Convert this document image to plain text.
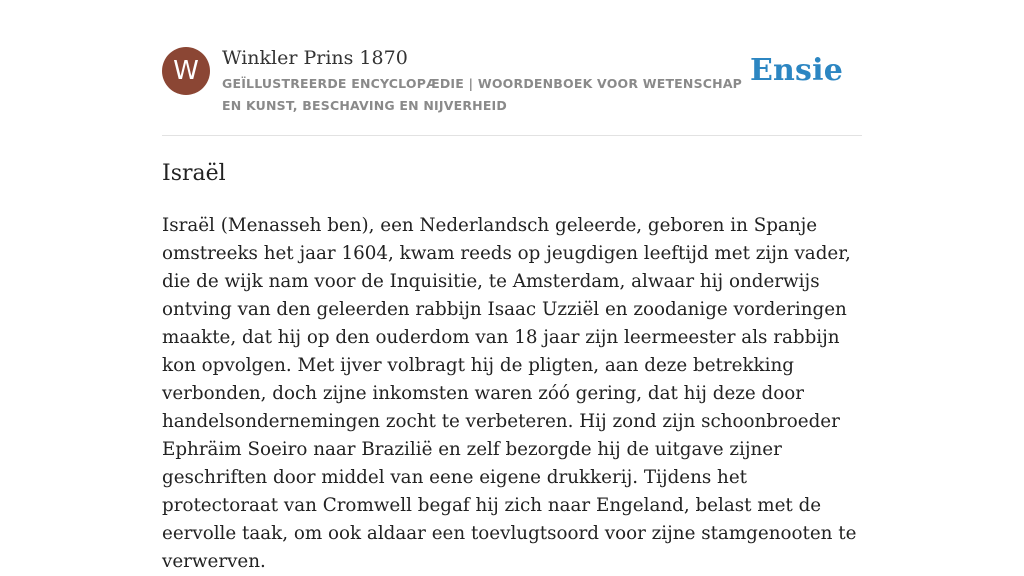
W	Winkler Prins 1870
GEÏLLUSTREERDE ENCYCLOPÆDIE | WOORDENBOEK VOOR WETENSCHAP EN KUNST, BESCHAVING EN NIJVERHEID
Ensie
Israël

Israël (Menasseh ben), een Nederlandsch geleerde, geboren in Spanje omstreeks het jaar 1604, kwam reeds op jeugdigen leeftijd met zijn vader, die de wijk nam voor de Inquisitie, te Amsterdam, alwaar hij onderwijs ontving van den geleerden rabbijn Isaac Uzziël en zoodanige vorderingen maakte, dat hij op den ouderdom van 18 jaar zijn leermeester als rabbijn kon opvolgen. Met ijver volbragt hij de pligten, aan deze betrekking verbonden, doch zijne inkomsten waren zóó gering, dat hij deze door handelsondernemingen zocht te verbeteren. Hij zond zijn schoonbroeder Ephräim Soeiro naar Brazilië en zelf bezorgde hij de uitgave zijner geschriften door middel van eene eigene drukkerij. Tijdens het protectoraat van Cromwell begaf hij zich naar Engeland, belast met de eervolle taak, om ook aldaar een toevlugtsoord voor zijne stamgenooten te verwerven.
